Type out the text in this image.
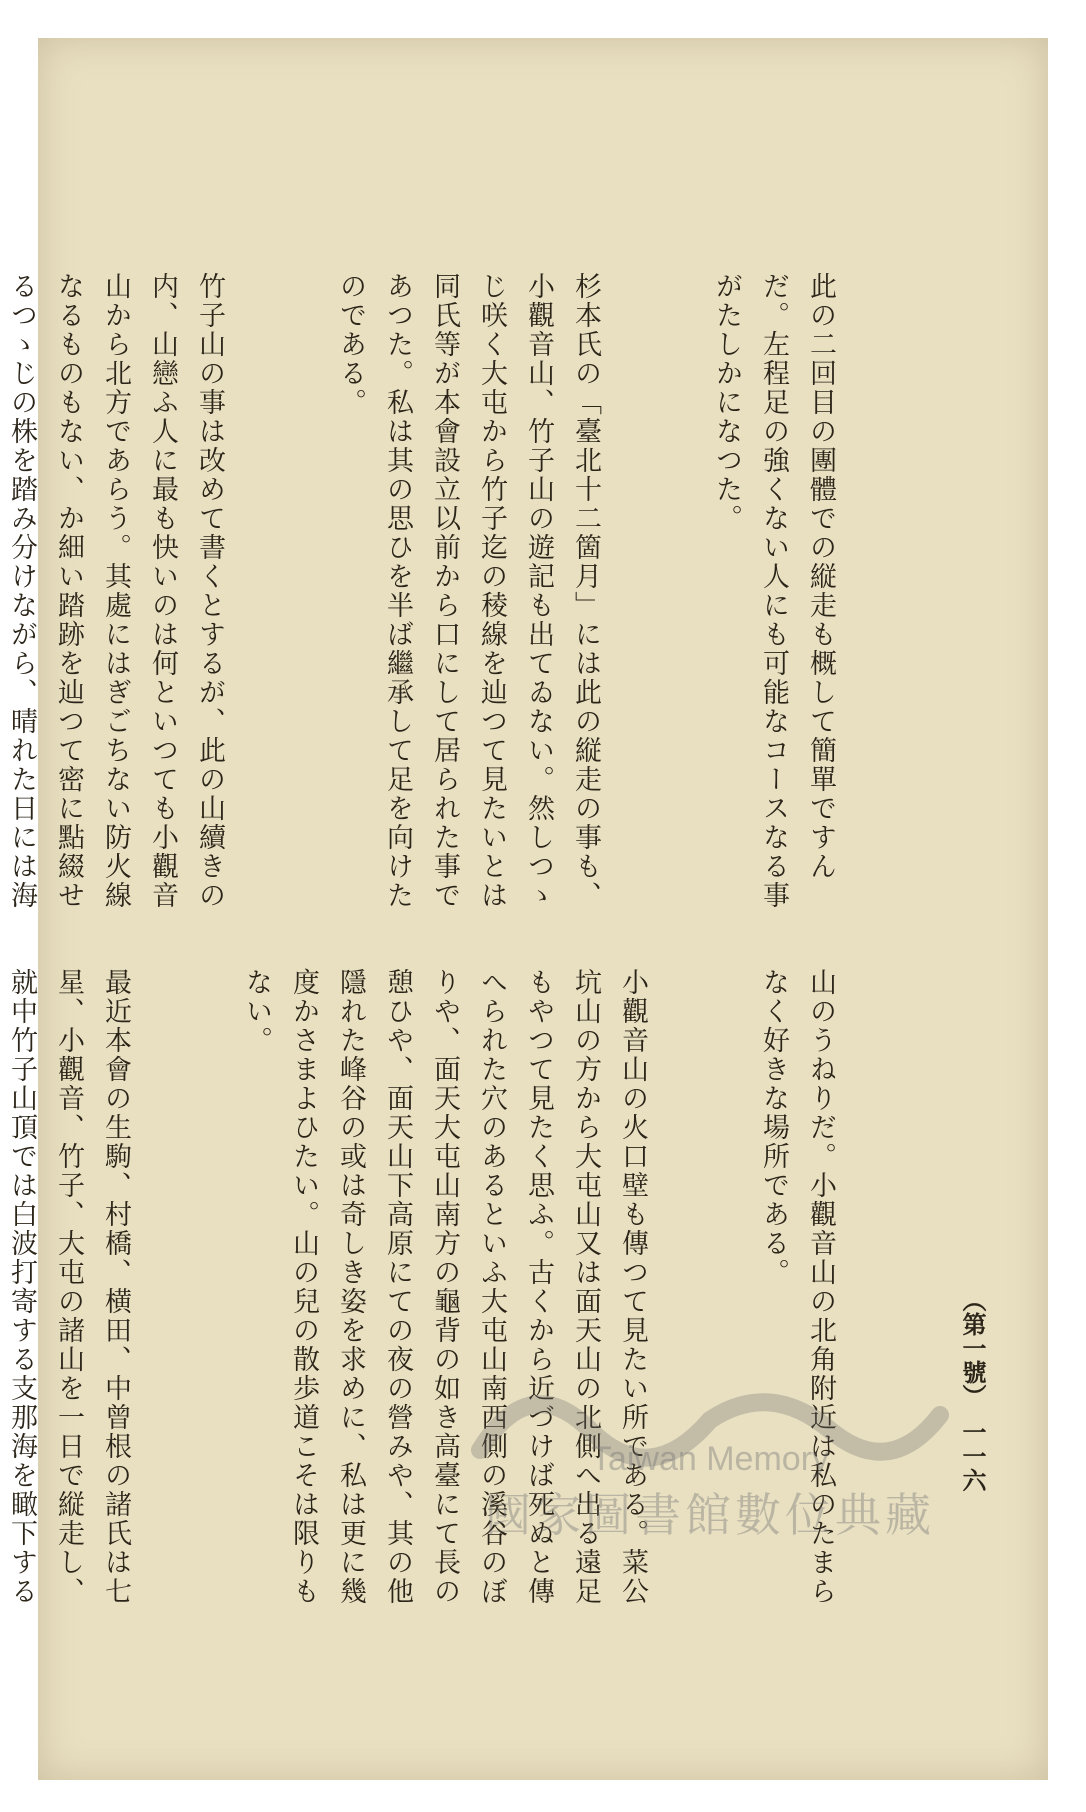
（第一號）　一一六

此の二回目の團體での縦走も概して簡單ですんだ。左程足の強くない人にも可能なコースなる事がたしかになつた。

杉本氏の「臺北十二箇月」には此の縦走の事も、小觀音山、竹子山の遊記も出てゐない。然しつゝじ咲く大屯から竹子迄の稜線を辿つて見たいとは同氏等が本會設立以前から口にして居られた事であつた。私は其の思ひを半ば繼承して足を向けたのである。

竹子山の事は改めて書くとするが、此の山續きの内、山戀ふ人に最も快いのは何といつても小觀音山から北方であらう。其處にはぎごちない防火線なるものもない、か細い踏跡を辿つて密に點綴せるつゝじの株を踏み分けながら、晴れた日には海

山のうねりだ。小觀音山の北角附近は私のたまらなく好きな場所である。

小觀音山の火口壁も傳つて見たい所である。菜公坑山の方から大屯山又は面天山の北側へ出る遠足もやつて見たく思ふ。古くから近づけば死ぬと傳へられた穴のあるといふ大屯山南西側の溪谷のぼりや、面天大屯山南方の龜背の如き高臺にて長の憩ひや、面天山下高原にての夜の營みや、其の他隱れた峰谷の或は奇しき姿を求めに、私は更に幾度かさまよひたい。山の兒の散歩道こそは限りもない。

最近本會の生駒、村橋、横田、中曾根の諸氏は七星、小觀音、竹子、大屯の諸山を一日で縦走し、就中竹子山頂では白波打寄する支那海を瞰下する

Taiwan Memory
國家圖書館數位典藏
